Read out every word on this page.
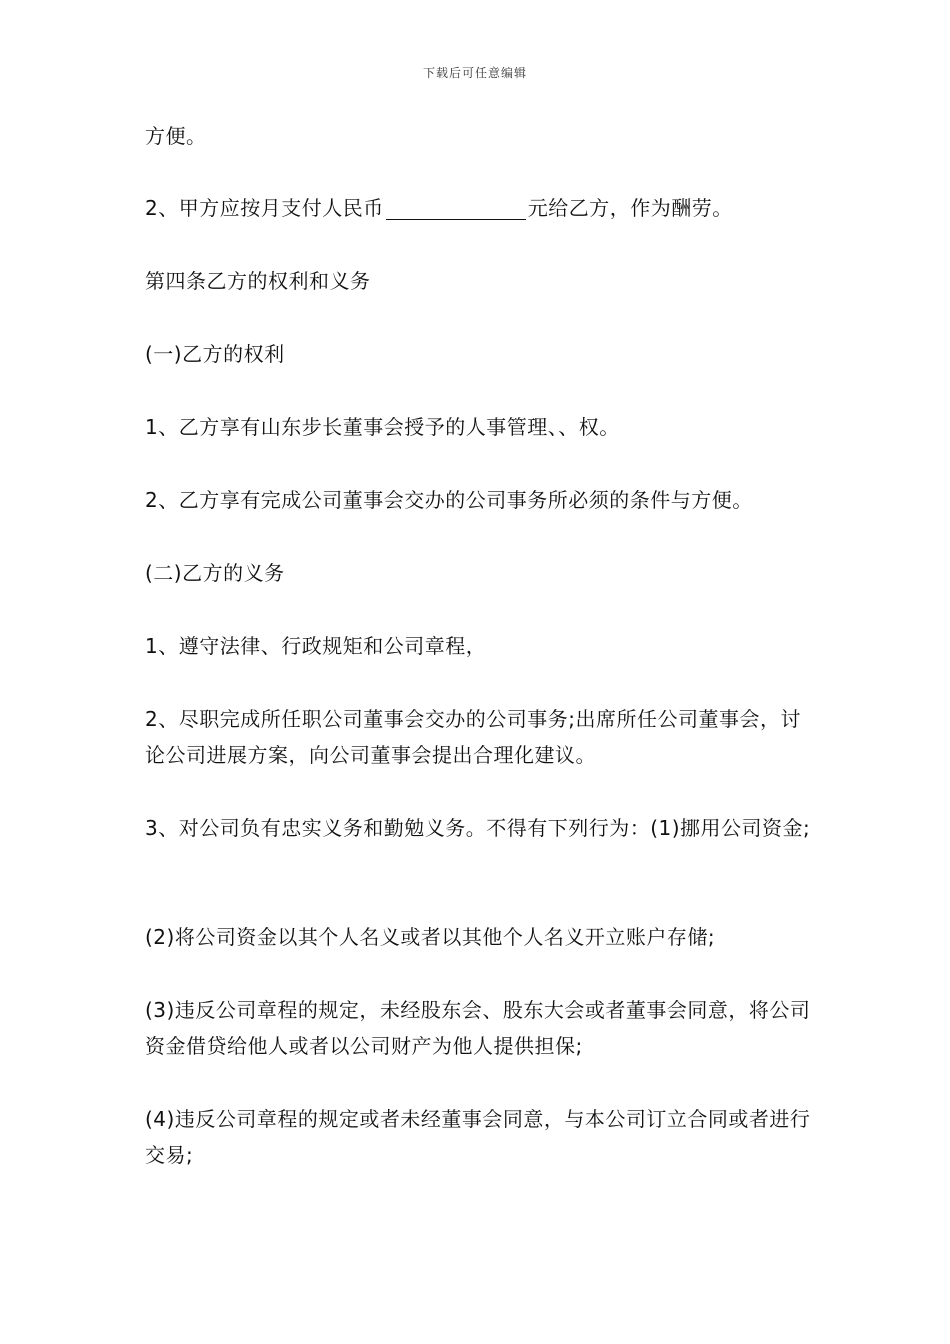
下载后可任意编辑
方便。
2、甲方应按月支付人民币	元给乙方，作为酬劳。
第四条乙方的权利和义务
(一)乙方的权利
1、乙方享有山东步长董事会授予的人事管理、、权。
2、乙方享有完成公司董事会交办的公司事务所必须的条件与方便。
(二)乙方的义务
1、遵守法律、行政规矩和公司章程，
2、尽职完成所任职公司董事会交办的公司事务;出席所任公司董事会，讨论公司进展方案，向公司董事会提出合理化建议。
3、对公司负有忠实义务和勤勉义务。不得有下列行为：(1)挪用公司资金;
(2)将公司资金以其个人名义或者以其他个人名义开立账户存储;
(3)违反公司章程的规定，未经股东会、股东大会或者董事会同意，将公司资金借贷给他人或者以公司财产为他人提供担保;
(4)违反公司章程的规定或者未经董事会同意，与本公司订立合同或者进行交易;
